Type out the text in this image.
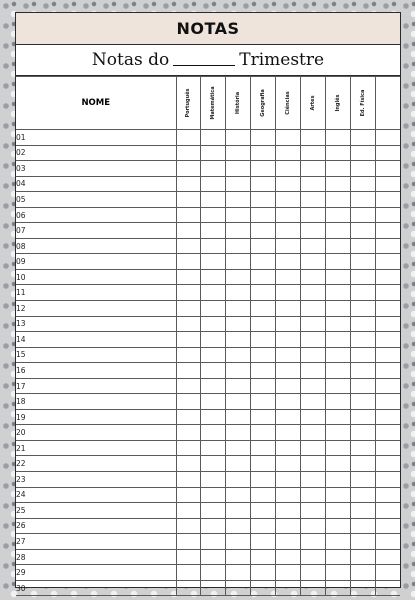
NOTAS
Notas do	Trimestre
NOME	Português	Matemática	História	Geografia	Ciências	Artes	Inglês	Ed. Física	

01									
02									
03									
04									
05									
06									
07									
08									
09									
10									
11									
12									
13									
14									
15									
16									
17									
18									
19									
20									
21									
22									
23									
24									
25									
26									
27									
28									
29									
30									
